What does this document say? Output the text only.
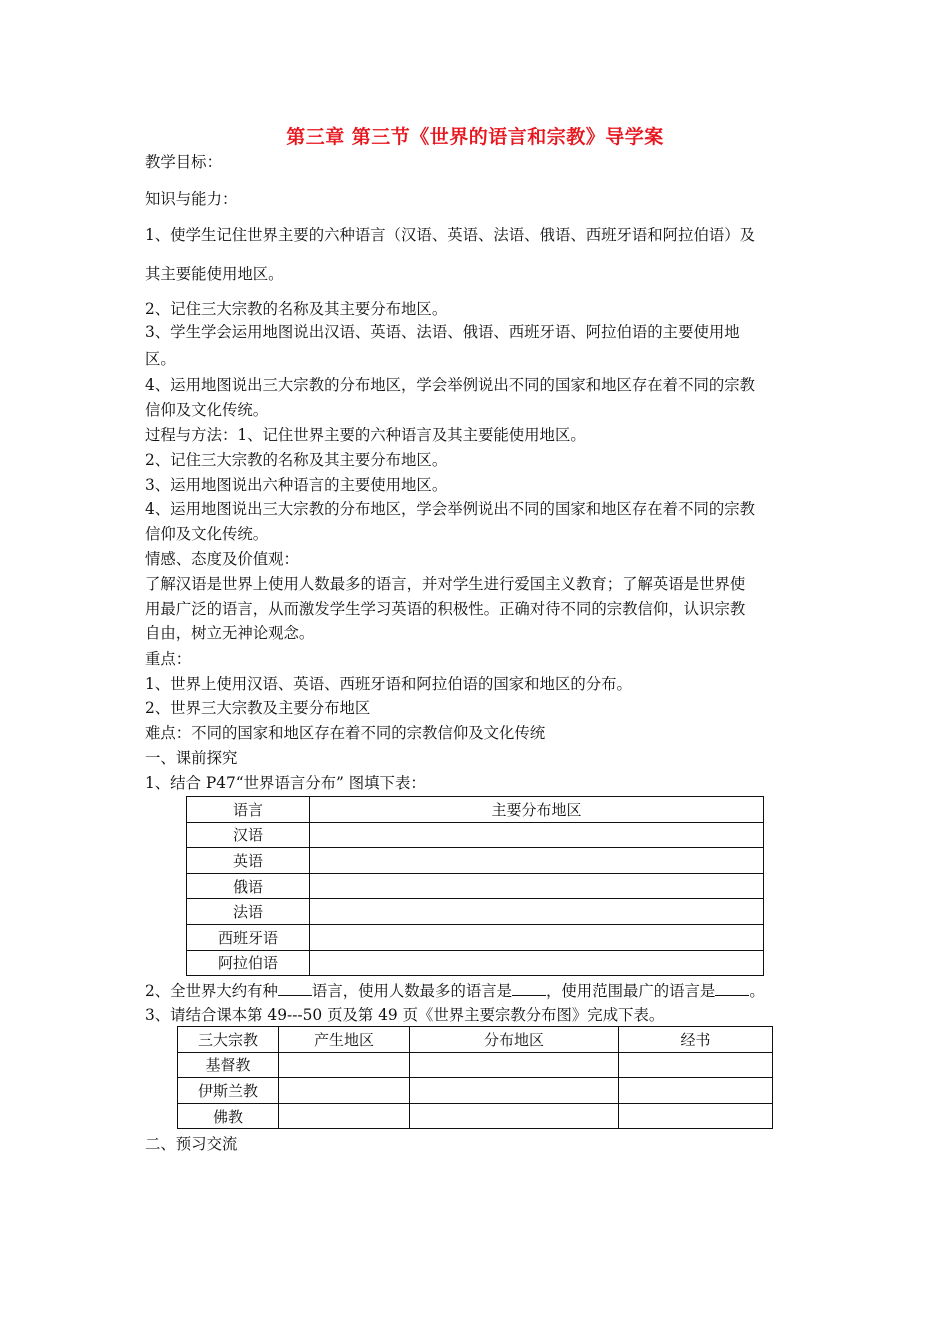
第三章 第三节《世界的语言和宗教》导学案
教学目标：
知识与能力：
1、使学生记住世界主要的六种语言（汉语、英语、法语、俄语、西班牙语和阿拉伯语）及
其主要能使用地区。
2、记住三大宗教的名称及其主要分布地区。
3、学生学会运用地图说出汉语、英语、法语、俄语、西班牙语、阿拉伯语的主要使用地
区。
4、运用地图说出三大宗教的分布地区，学会举例说出不同的国家和地区存在着不同的宗教
信仰及文化传统。
过程与方法：1、记住世界主要的六种语言及其主要能使用地区。
2、记住三大宗教的名称及其主要分布地区。
3、运用地图说出六种语言的主要使用地区。
4、运用地图说出三大宗教的分布地区，学会举例说出不同的国家和地区存在着不同的宗教
信仰及文化传统。
情感、态度及价值观：
了解汉语是世界上使用人数最多的语言，并对学生进行爱国主义教育；了解英语是世界使
用最广泛的语言，从而激发学生学习英语的积极性。正确对待不同的宗教信仰，认识宗教
自由，树立无神论观念。
重点：
1、世界上使用汉语、英语、西班牙语和阿拉伯语的国家和地区的分布。
2、世界三大宗教及主要分布地区
难点：不同的国家和地区存在着不同的宗教信仰及文化传统
一、课前探究
1、结合 P47“世界语言分布” 图填下表：
语言	主要分布地区
汉语	
英语	
俄语	
法语	
西班牙语	
阿拉伯语	
2、全世界大约有种 语言，使用人数最多的语言是 ，使用范围最广的语言是 。
3、请结合课本第 49---50 页及第 49 页《世界主要宗教分布图》完成下表。
三大宗教	产生地区	分布地区	经书
基督教			
伊斯兰教			
佛教			
二、预习交流
